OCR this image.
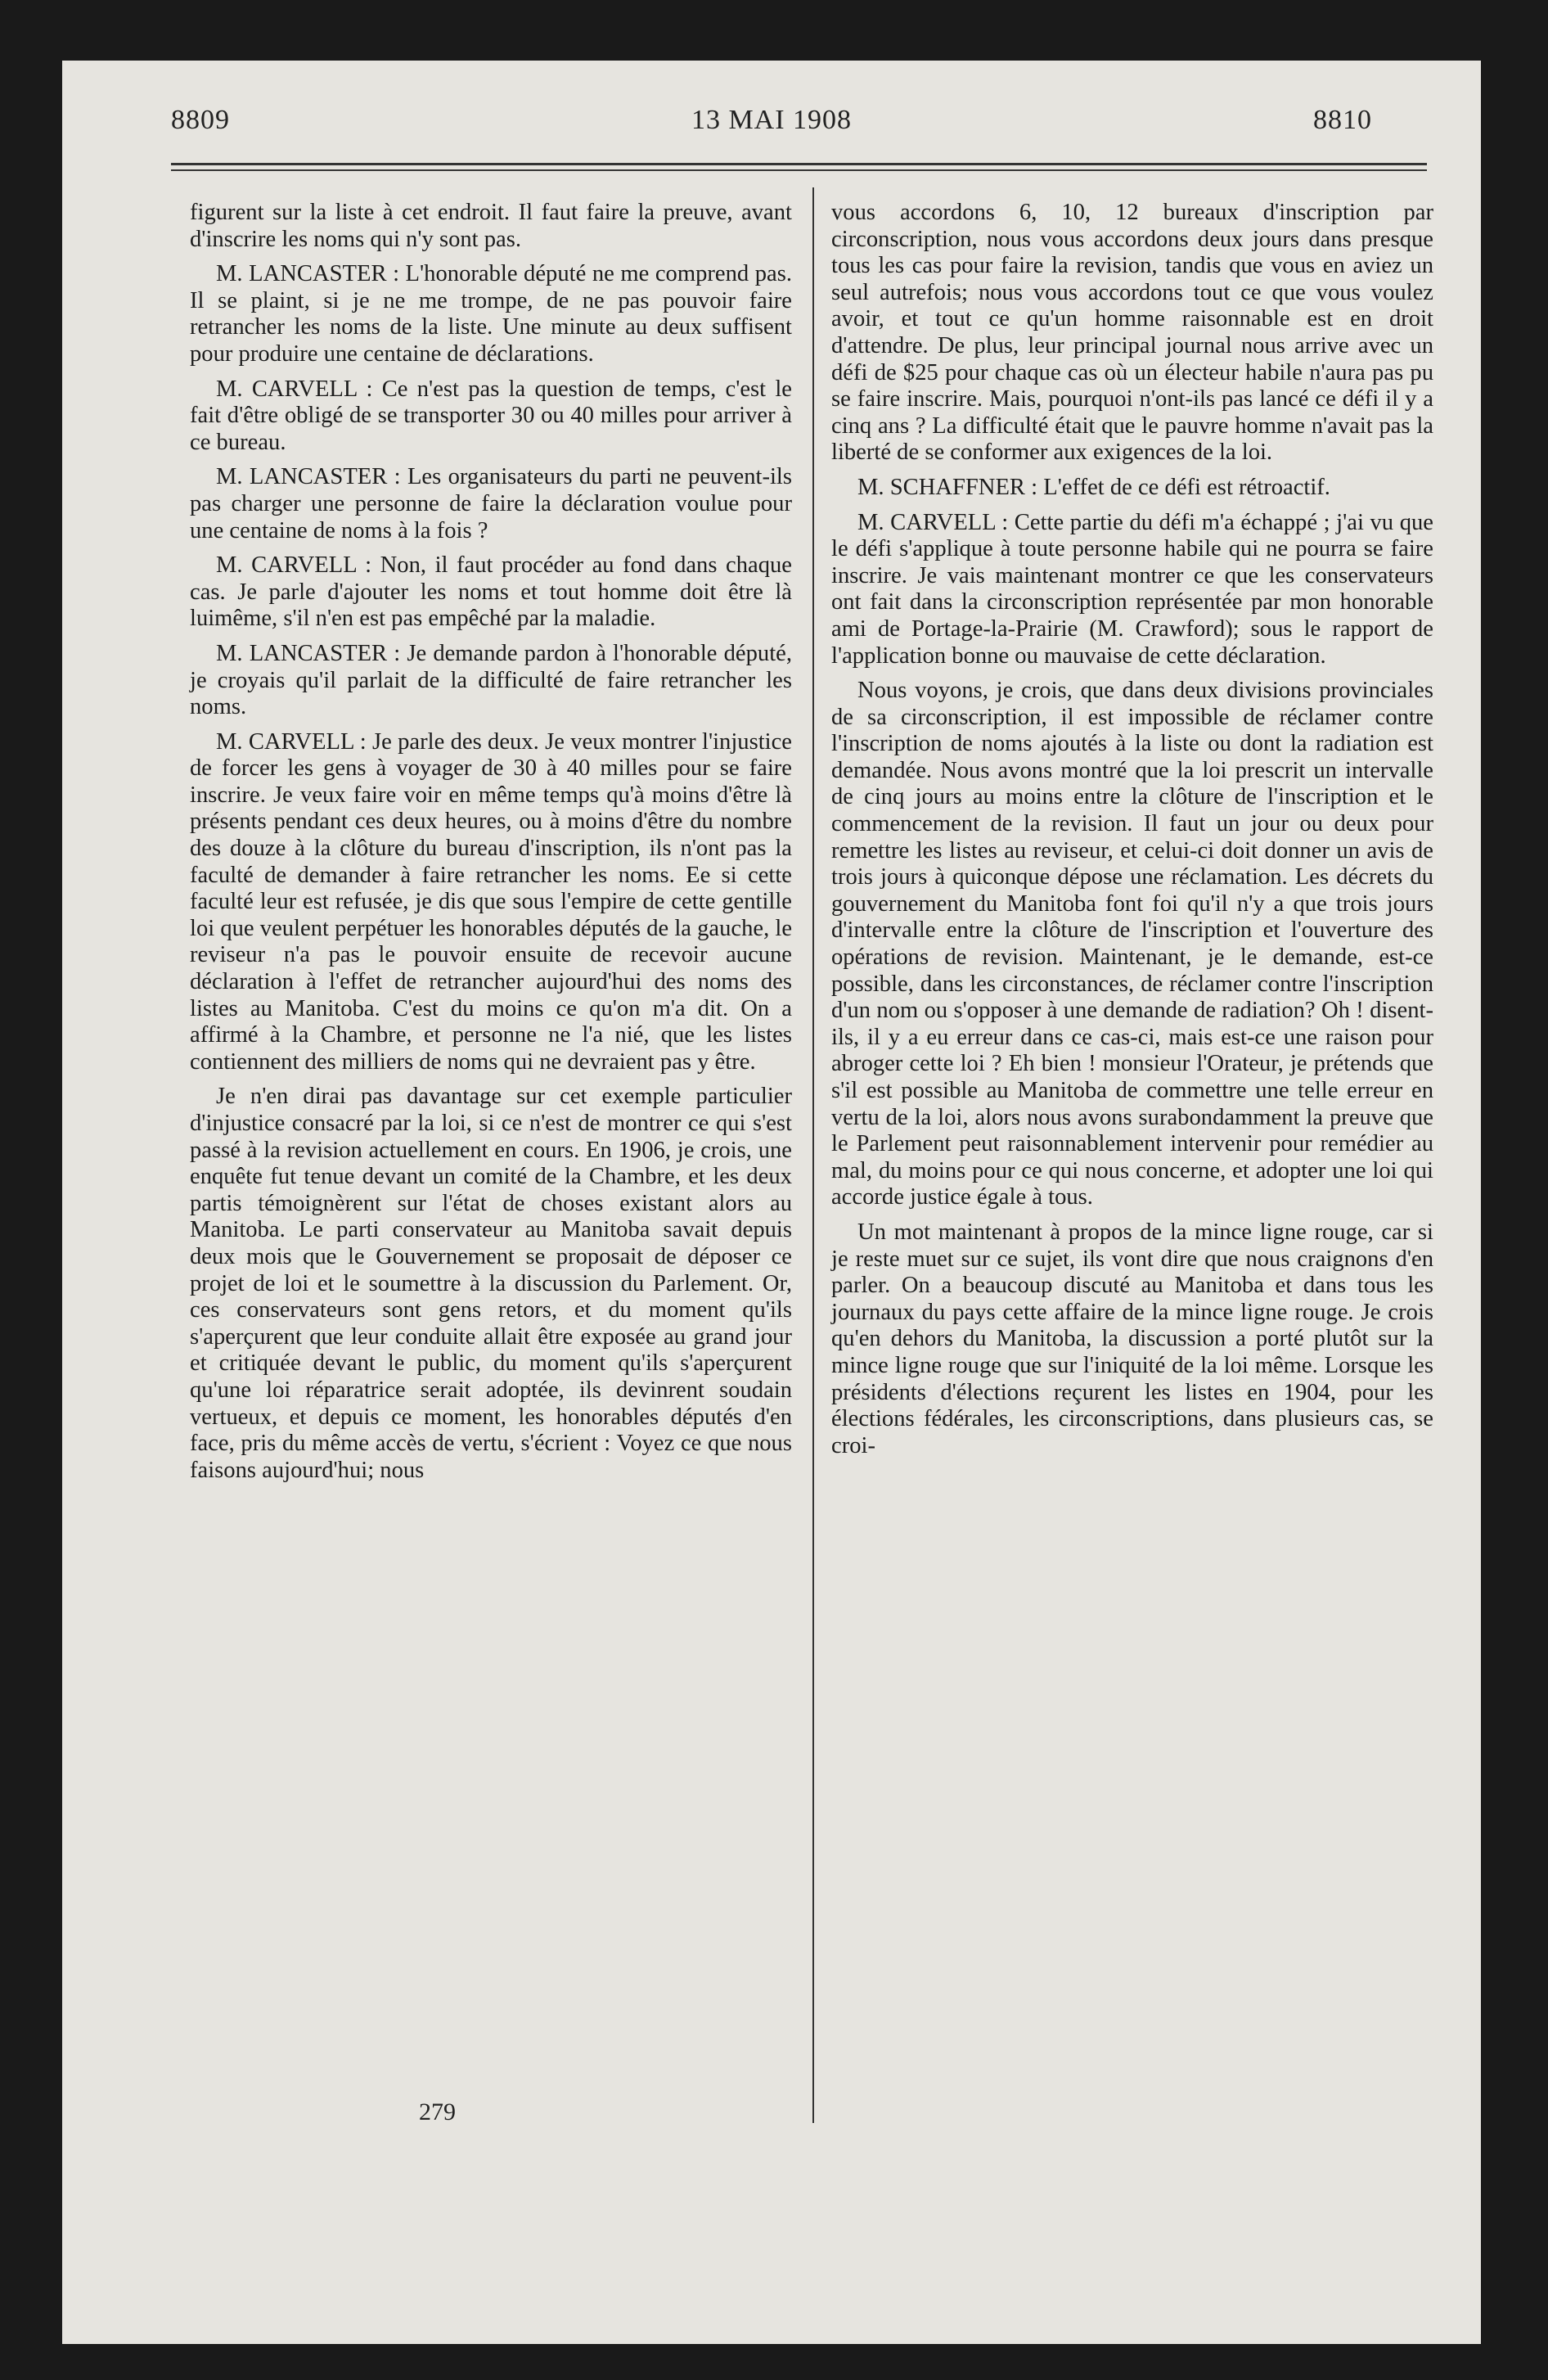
8809	13 MAI 1908	8810

figurent sur la liste à cet endroit. Il faut faire la preuve, avant d'inscrire les noms qui n'y sont pas.

M. LANCASTER : L'honorable député ne me comprend pas. Il se plaint, si je ne me trompe, de ne pas pouvoir faire retrancher les noms de la liste. Une minute au deux suffisent pour produire une centaine de déclarations.

M. CARVELL : Ce n'est pas la question de temps, c'est le fait d'être obligé de se transporter 30 ou 40 milles pour arriver à ce bureau.

M. LANCASTER : Les organisateurs du parti ne peuvent-ils pas charger une personne de faire la déclaration voulue pour une centaine de noms à la fois ?

M. CARVELL : Non, il faut procéder au fond dans chaque cas. Je parle d'ajouter les noms et tout homme doit être là luimême, s'il n'en est pas empêché par la maladie.

M. LANCASTER : Je demande pardon à l'honorable député, je croyais qu'il parlait de la difficulté de faire retrancher les noms.

M. CARVELL : Je parle des deux. Je veux montrer l'injustice de forcer les gens à voyager de 30 à 40 milles pour se faire inscrire. Je veux faire voir en même temps qu'à moins d'être là présents pendant ces deux heures, ou à moins d'être du nombre des douze à la clôture du bureau d'inscription, ils n'ont pas la faculté de demander à faire retrancher les noms. Ee si cette faculté leur est refusée, je dis que sous l'empire de cette gentille loi que veulent perpétuer les honorables députés de la gauche, le reviseur n'a pas le pouvoir ensuite de recevoir aucune déclaration à l'effet de retrancher aujourd'hui des noms des listes au Manitoba. C'est du moins ce qu'on m'a dit. On a affirmé à la Chambre, et personne ne l'a nié, que les listes contiennent des milliers de noms qui ne devraient pas y être.

Je n'en dirai pas davantage sur cet exemple particulier d'injustice consacré par la loi, si ce n'est de montrer ce qui s'est passé à la revision actuellement en cours. En 1906, je crois, une enquête fut tenue devant un comité de la Chambre, et les deux partis témoignèrent sur l'état de choses existant alors au Manitoba. Le parti conservateur au Manitoba savait depuis deux mois que le Gouvernement se proposait de déposer ce projet de loi et le soumettre à la discussion du Parlement. Or, ces conservateurs sont gens retors, et du moment qu'ils s'aperçurent que leur conduite allait être exposée au grand jour et critiquée devant le public, du moment qu'ils s'aperçurent qu'une loi réparatrice serait adoptée, ils devinrent soudain vertueux, et depuis ce moment, les honorables députés d'en face, pris du même accès de vertu, s'écrient : Voyez ce que nous faisons aujourd'hui; nous

vous accordons 6, 10, 12 bureaux d'inscription par circonscription, nous vous accordons deux jours dans presque tous les cas pour faire la revision, tandis que vous en aviez un seul autrefois; nous vous accordons tout ce que vous voulez avoir, et tout ce qu'un homme raisonnable est en droit d'attendre. De plus, leur principal journal nous arrive avec un défi de $25 pour chaque cas où un électeur habile n'aura pas pu se faire inscrire. Mais, pourquoi n'ont-ils pas lancé ce défi il y a cinq ans ? La difficulté était que le pauvre homme n'avait pas la liberté de se conformer aux exigences de la loi.

M. SCHAFFNER : L'effet de ce défi est rétroactif.

M. CARVELL : Cette partie du défi m'a échappé ; j'ai vu que le défi s'applique à toute personne habile qui ne pourra se faire inscrire. Je vais maintenant montrer ce que les conservateurs ont fait dans la circonscription représentée par mon honorable ami de Portage-la-Prairie (M. Crawford); sous le rapport de l'application bonne ou mauvaise de cette déclaration.

Nous voyons, je crois, que dans deux divisions provinciales de sa circonscription, il est impossible de réclamer contre l'inscription de noms ajoutés à la liste ou dont la radiation est demandée. Nous avons montré que la loi prescrit un intervalle de cinq jours au moins entre la clôture de l'inscription et le commencement de la revision. Il faut un jour ou deux pour remettre les listes au reviseur, et celui-ci doit donner un avis de trois jours à quiconque dépose une réclamation. Les décrets du gouvernement du Manitoba font foi qu'il n'y a que trois jours d'intervalle entre la clôture de l'inscription et l'ouverture des opérations de revision. Maintenant, je le demande, est-ce possible, dans les circonstances, de réclamer contre l'inscription d'un nom ou s'opposer à une demande de radiation? Oh ! disent-ils, il y a eu erreur dans ce cas-ci, mais est-ce une raison pour abroger cette loi ? Eh bien ! monsieur l'Orateur, je prétends que s'il est possible au Manitoba de commettre une telle erreur en vertu de la loi, alors nous avons surabondamment la preuve que le Parlement peut raisonnablement intervenir pour remédier au mal, du moins pour ce qui nous concerne, et adopter une loi qui accorde justice égale à tous.

Un mot maintenant à propos de la mince ligne rouge, car si je reste muet sur ce sujet, ils vont dire que nous craignons d'en parler. On a beaucoup discuté au Manitoba et dans tous les journaux du pays cette affaire de la mince ligne rouge. Je crois qu'en dehors du Manitoba, la discussion a porté plutôt sur la mince ligne rouge que sur l'iniquité de la loi même. Lorsque les présidents d'élections reçurent les listes en 1904, pour les élections fédérales, les circonscriptions, dans plusieurs cas, se croi-

279
